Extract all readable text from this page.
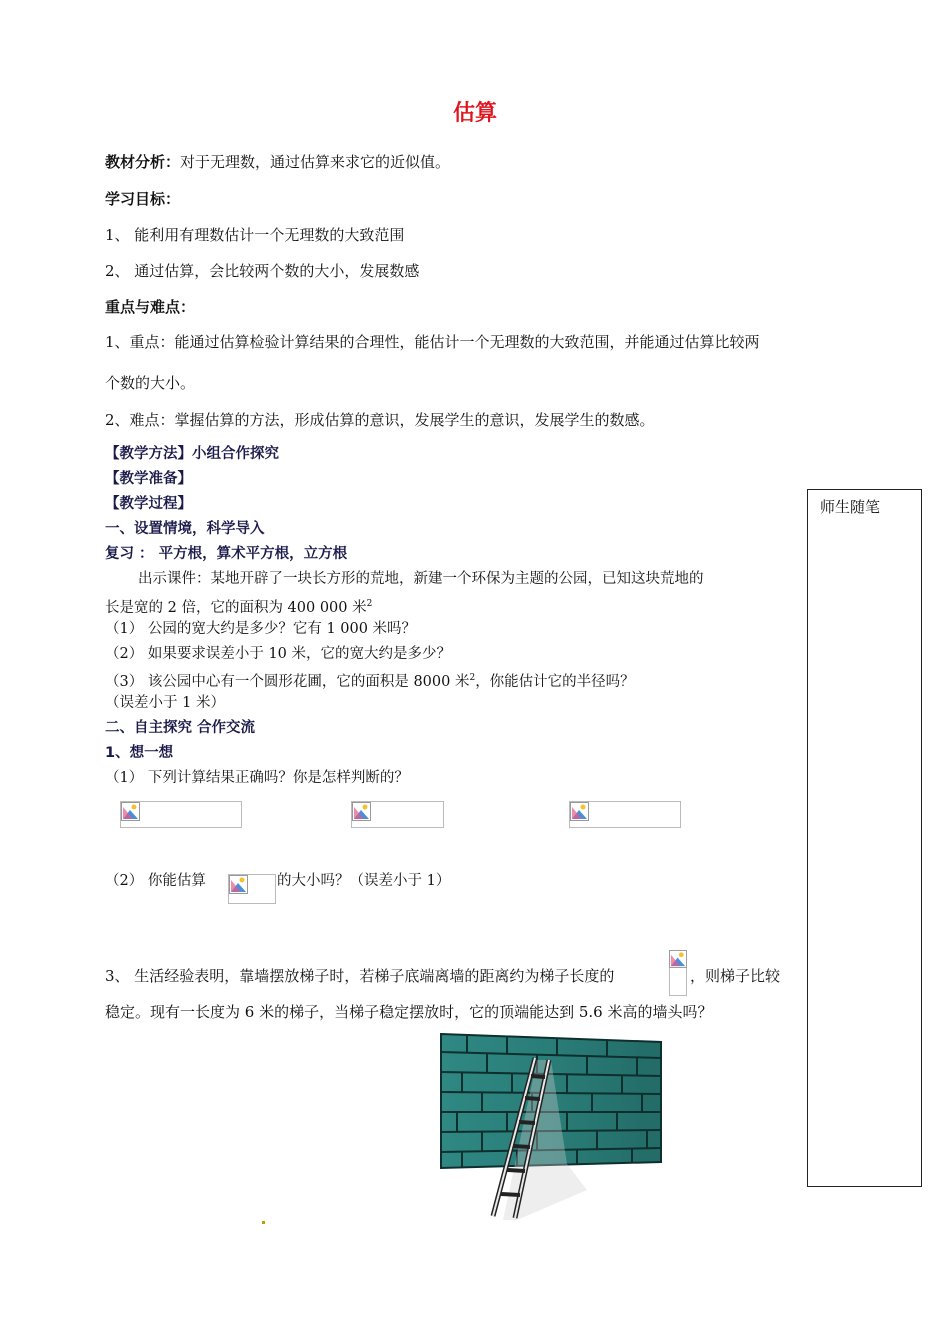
估算
教材分析：对于无理数，通过估算来求它的近似值。
学习目标：
1、 能利用有理数估计一个无理数的大致范围
2、 通过估算，会比较两个数的大小，发展数感
重点与难点：
1、重点：能通过估算检验计算结果的合理性，能估计一个无理数的大致范围，并能通过估算比较两
个数的大小。
2、难点：掌握估算的方法，形成估算的意识，发展学生的意识，发展学生的数感。
【教学方法】小组合作探究
【教学准备】
【教学过程】	师生随笔
一、设置情境，科学导入
复习 ： 平方根，算术平方根，立方根
出示课件：某地开辟了一块长方形的荒地，新建一个环保为主题的公园，已知这块荒地的
长是宽的 2 倍，它的面积为 400 000 米$^2$
（1） 公园的宽大约是多少？它有 1 000 米吗？
（2） 如果要求误差小于 10 米，它的宽大约是多少？
（3） 该公园中心有一个圆形花圃，它的面积是 8000 米$^2$，你能估计它的半径吗？
（误差小于 1 米）
二、自主探究 合作交流
1、想一想
（1） 下列计算结果正确吗？你是怎样判断的？
（2） 你能估算	的大小吗？（误差小于 1）
3、 生活经验表明，靠墙摆放梯子时，若梯子底端离墙的距离约为梯子长度的	，则梯子比较
稳定。现有一长度为 6 米的梯子，当梯子稳定摆放时，它的顶端能达到 5.6 米高的墙头吗？
